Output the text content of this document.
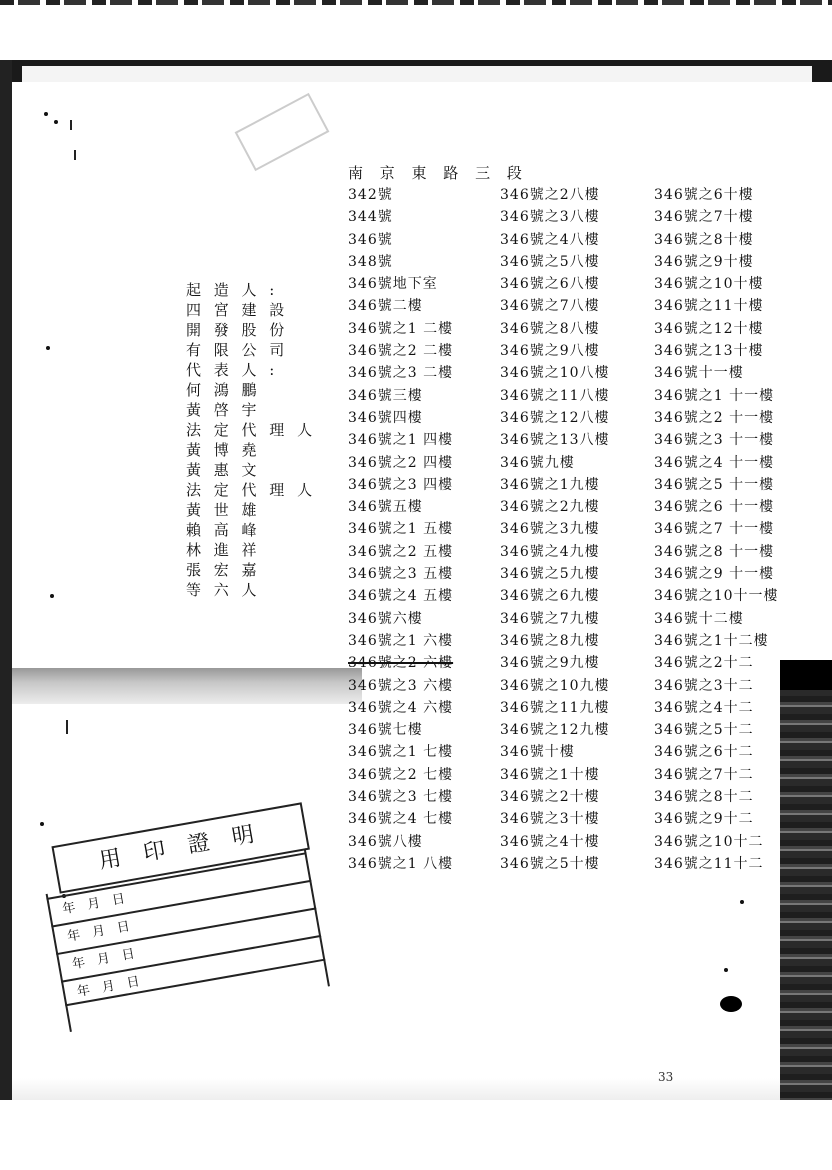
南 京 東 路 三 段
起 造 人 :
四 宮 建 設
開 發 股 份
有 限 公 司
代 表 人 :
何 鴻 鵬
黃 啓 宇
法 定 代 理 人
黃 博 堯
黃 惠 文
法 定 代 理 人
黃 世 雄
賴 高 峰
林 進 祥
張 宏 嘉
等 六 人
342號
344號
346號
348號
346號地下室
346號二樓
346號之1 二樓
346號之2 二樓
346號之3 二樓
346號三樓
346號四樓
346號之1 四樓
346號之2 四樓
346號之3 四樓
346號五樓
346號之1 五樓
346號之2 五樓
346號之3 五樓
346號之4 五樓
346號六樓
346號之1 六樓
346號之2 六樓
346號之3 六樓
346號之4 六樓
346號七樓
346號之1 七樓
346號之2 七樓
346號之3 七樓
346號之4 七樓
346號八樓
346號之1 八樓
346號之2八樓
346號之3八樓
346號之4八樓
346號之5八樓
346號之6八樓
346號之7八樓
346號之8八樓
346號之9八樓
346號之10八樓
346號之11八樓
346號之12八樓
346號之13八樓
346號九樓
346號之1九樓
346號之2九樓
346號之3九樓
346號之4九樓
346號之5九樓
346號之6九樓
346號之7九樓
346號之8九樓
346號之9九樓
346號之10九樓
346號之11九樓
346號之12九樓
346號十樓
346號之1十樓
346號之2十樓
346號之3十樓
346號之4十樓
346號之5十樓
346號之6十樓
346號之7十樓
346號之8十樓
346號之9十樓
346號之10十樓
346號之11十樓
346號之12十樓
346號之13十樓
346號十一樓
346號之1 十一樓
346號之2 十一樓
346號之3 十一樓
346號之4 十一樓
346號之5 十一樓
346號之6 十一樓
346號之7 十一樓
346號之8 十一樓
346號之9 十一樓
346號之10十一樓
346號十二樓
346號之1十二樓
346號之2十二
346號之3十二
346號之4十二
346號之5十二
346號之6十二
346號之7十二
346號之8十二
346號之9十二
346號之10十二
346號之11十二
用 印 證 明
年 月 日
年 月 日
年 月 日
年 月 日
33
